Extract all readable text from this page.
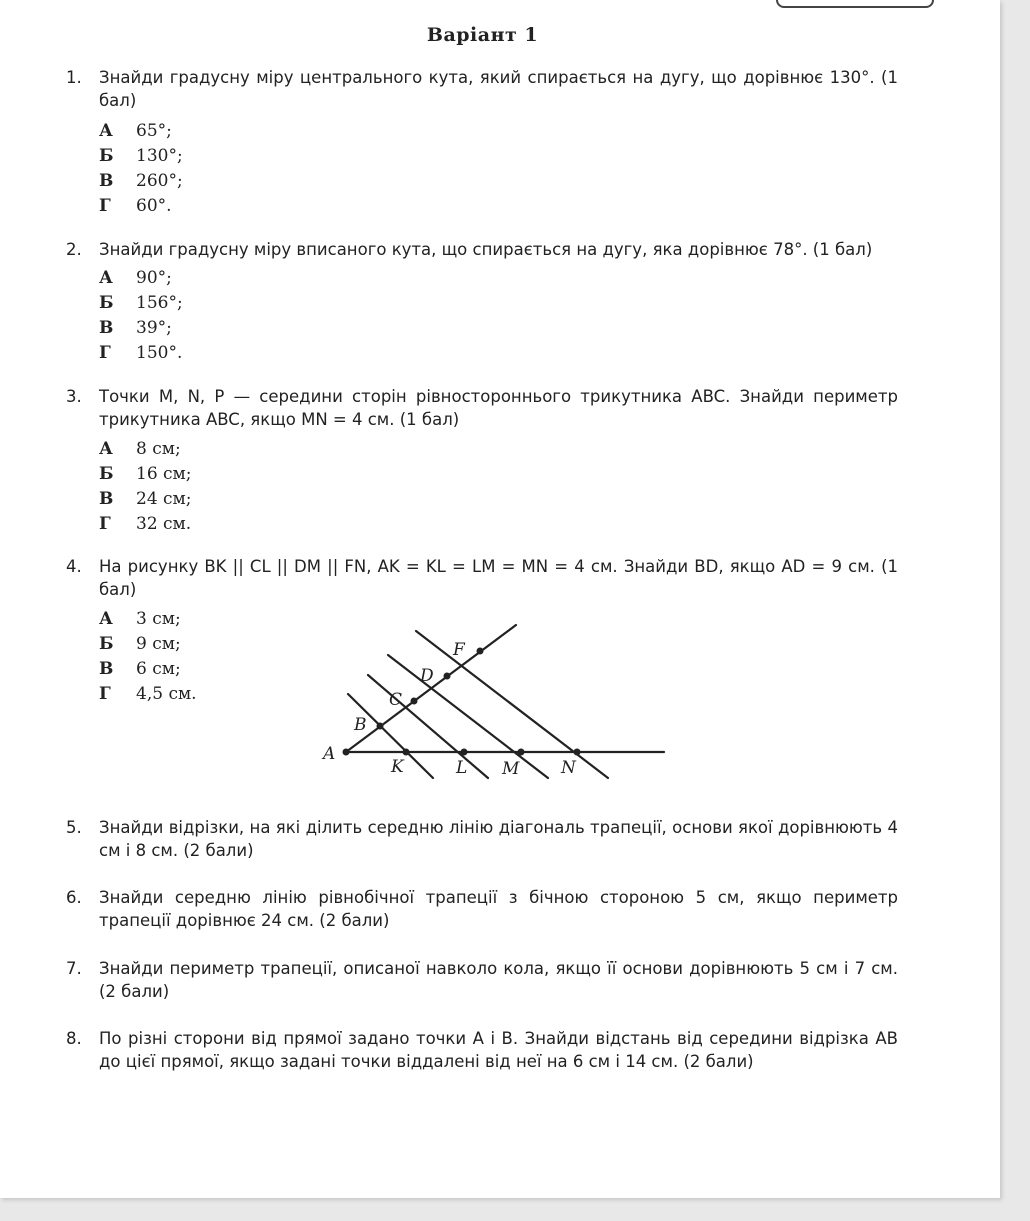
Варіант 1
1. Знайди градусну міру центрального кута, який спирається на дугу, що дорівнює 130°. (1 бал)
А 65°;
Б 130°;
В 260°;
Г 60°.
2. Знайди градусну міру вписаного кута, що спирається на дугу, яка дорівнює 78°. (1 бал)
А 90°;
Б 156°;
В 39°;
Г 150°.
3. Точки M, N, P — середини сторін рівностороннього трикутника ABC. Знайди периметр трикутника ABC, якщо MN = 4 см. (1 бал)
А 8 см;
Б 16 см;
В 24 см;
Г 32 см.
4. На рисунку BK || CL || DM || FN, AK = KL = LM = MN = 4 см. Знайди BD, якщо AD = 9 см. (1 бал)
А 3 см;
Б 9 см;
В 6 см;
Г 4,5 см.
A
B
C
D
F
K	L M N
5. Знайди відрізки, на які ділить середню лінію діагональ трапеції, основи якої дорівнюють 4 см і 8 см. (2 бали)
6. Знайди середню лінію рівнобічної трапеції з бічною стороною 5 см, якщо периметр трапеції дорівнює 24 см. (2 бали)
7. Знайди периметр трапеції, описаної навколо кола, якщо її основи дорівнюють 5 см і 7 см. (2 бали)
8. По різні сторони від прямої задано точки A і B. Знайди відстань від середини відрізка AB до цієї прямої, якщо задані точки віддалені від неї на 6 см і 14 см. (2 бали)
